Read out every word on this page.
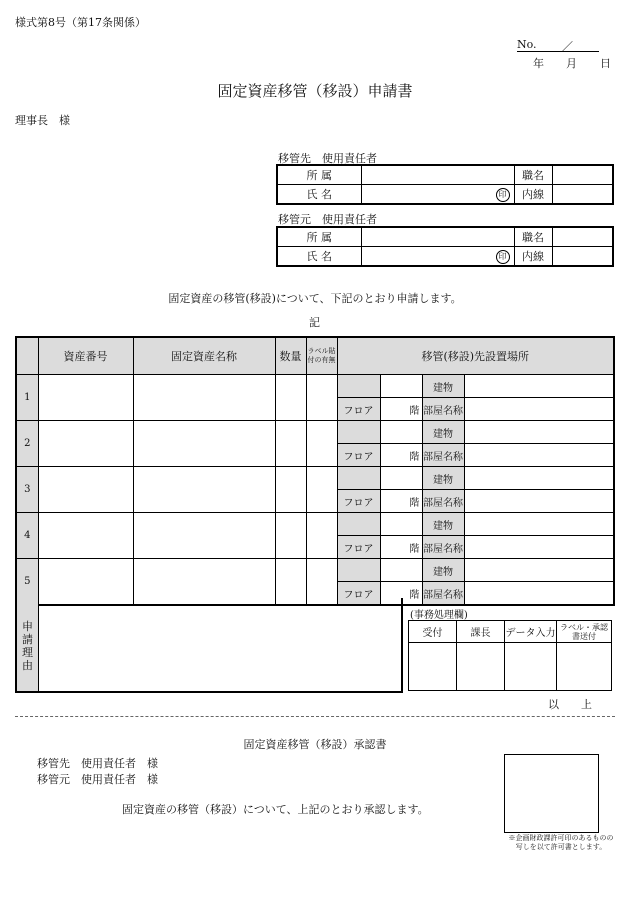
様式第8号（第17条関係）
No. ／
年 月 日
固定資産移管（移設）申請書
理事長　様
移管先　使用責任者
所 属		職名	
氏 名	印	内線	
移管元　使用責任者
所 属		職名	
氏 名	印	内線	
固定資産の移管(移設)について、下記のとおり申請します。
記
	資産番号	固定資産名称	数量	ラベル貼付の有無	移管(移設)先設置場所			
1							建物	
					フロア	階	部屋名称	
2							建物	
					フロア	階	部屋名称	
3							建物	
					フロア	階	部屋名称	
4							建物	
					フロア	階	部屋名称	
5							建物	
					フロア	階	部屋名称	
申請理由
(事務処理欄)
受付	課長	データ入力	ラベル・承認書送付

以　　上
固定資産移管（移設）承認書
移管先　使用責任者　様
移管元　使用責任者　様
固定資産の移管（移設）について、上記のとおり承認します。
※企画財政課許可印のあるものの写しを以て許可書とします。
